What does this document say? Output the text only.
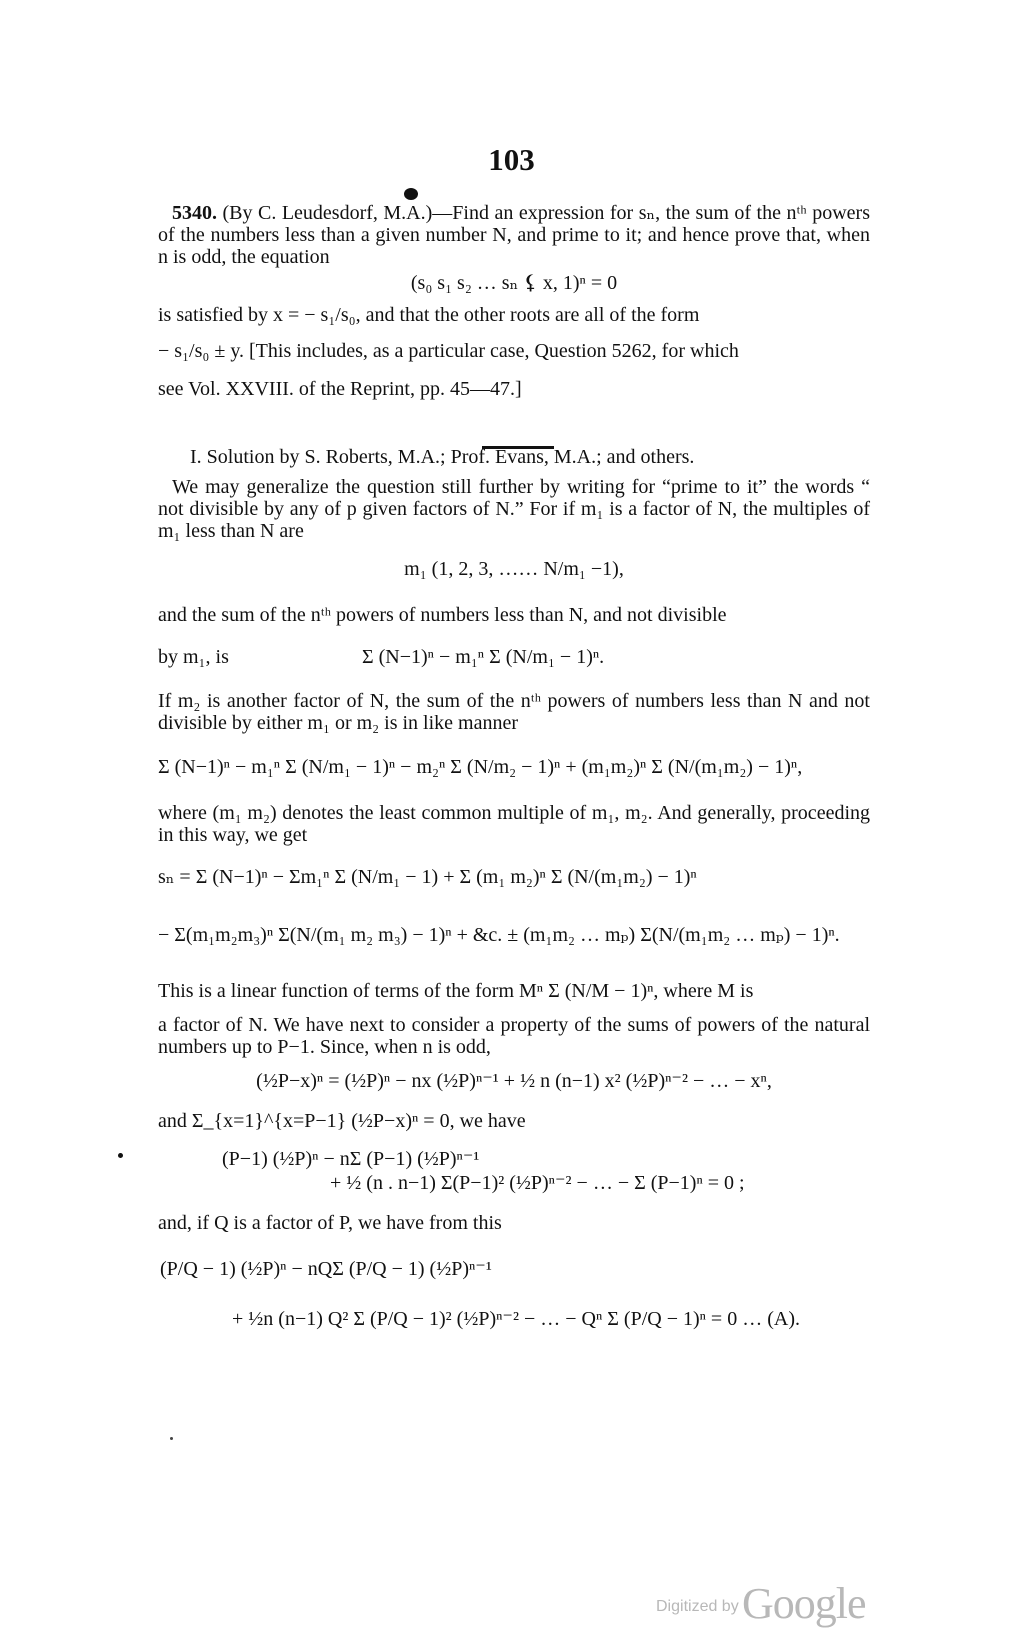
103
5340. (By C. Leudesdorf, M.A.)—Find an expression for sₙ, the sum of the nᵗʰ powers of the numbers less than a given number N, and prime to it; and hence prove that, when n is odd, the equation
(s₀ s₁ s₂ … sₙ ⚸ x, 1)ⁿ = 0
is satisfied by x = − s₁/s₀, and that the other roots are all of the form
− s₁/s₀ ± y. [This includes, as a particular case, Question 5262, for which
see Vol. XXVIII. of the Reprint, pp. 45—47.]
I. Solution by S. Roberts, M.A.; Prof. Evans, M.A.; and others.
We may generalize the question still further by writing for “prime to it” the words “ not divisible by any of p given factors of N.” For if m₁ is a factor of N, the multiples of m₁ less than N are
m₁ (1, 2, 3, …… N/m₁ −1),
and the sum of the nᵗʰ powers of numbers less than N, and not divisible
by m₁, is	Σ (N−1)ⁿ − m₁ⁿ Σ (N/m₁ − 1)ⁿ.
If m₂ is another factor of N, the sum of the nᵗʰ powers of numbers less than N and not divisible by either m₁ or m₂ is in like manner
Σ (N−1)ⁿ − m₁ⁿ Σ (N/m₁ − 1)ⁿ − m₂ⁿ Σ (N/m₂ − 1)ⁿ + (m₁m₂)ⁿ Σ (N/(m₁m₂) − 1)ⁿ,
where (m₁ m₂) denotes the least common multiple of m₁, m₂. And generally, proceeding in this way, we get
sₙ = Σ (N−1)ⁿ − Σm₁ⁿ Σ (N/m₁ − 1) + Σ (m₁ m₂)ⁿ Σ (N/(m₁m₂) − 1)ⁿ
− Σ(m₁m₂m₃)ⁿ Σ(N/(m₁ m₂ m₃) − 1)ⁿ + &c. ± (m₁m₂ … mₚ) Σ(N/(m₁m₂ … mₚ) − 1)ⁿ.
This is a linear function of terms of the form Mⁿ Σ (N/M − 1)ⁿ, where M is
a factor of N. We have next to consider a property of the sums of powers of the natural numbers up to P−1. Since, when n is odd,
(½P−x)ⁿ = (½P)ⁿ − nx (½P)ⁿ⁻¹ + ½ n (n−1) x² (½P)ⁿ⁻² − … − xⁿ,
and Σ_{x=1}^{x=P−1} (½P−x)ⁿ = 0, we have
(P−1) (½P)ⁿ − nΣ (P−1) (½P)ⁿ⁻¹
+ ½ (n . n−1) Σ(P−1)² (½P)ⁿ⁻² − … − Σ (P−1)ⁿ = 0 ;
and, if Q is a factor of P, we have from this
(P/Q − 1) (½P)ⁿ − nQΣ (P/Q − 1) (½P)ⁿ⁻¹
+ ½n (n−1) Q² Σ (P/Q − 1)² (½P)ⁿ⁻² − … − Qⁿ Σ (P/Q − 1)ⁿ = 0 … (A).
Digitized by Google
